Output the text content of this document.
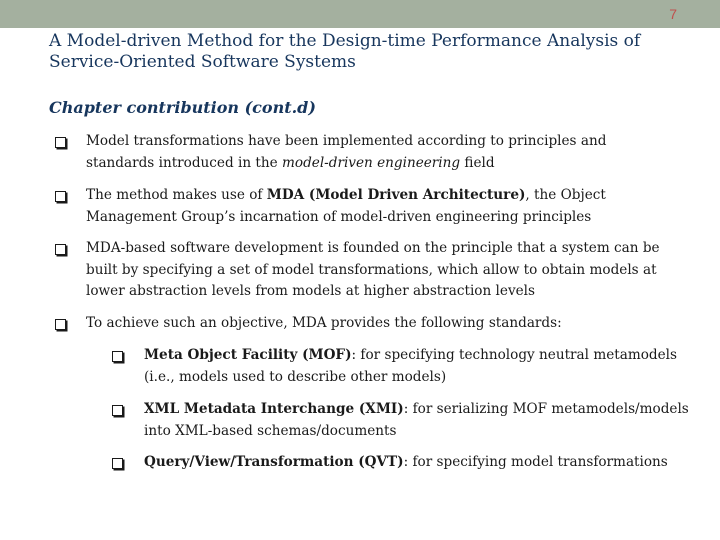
7
A Model-driven Method for the Design-time Performance Analysis of Service-Oriented Software Systems
Chapter contribution (cont.d)
Model transformations have been implemented according to principles and standards introduced in the model-driven engineering field
The method makes use of MDA (Model Driven Architecture), the Object Management Group’s incarnation of model-driven engineering principles
MDA-based software development is founded on the principle that a system can be built by specifying a set of model transformations, which allow to obtain models at lower abstraction levels from models at higher abstraction levels
To achieve such an objective, MDA provides the following standards:
Meta Object Facility (MOF): for specifying technology neutral metamodels (i.e., models used to describe other models)
XML Metadata Interchange (XMI): for serializing MOF metamodels/models into XML-based schemas/documents
Query/View/Transformation (QVT): for specifying model transformations
